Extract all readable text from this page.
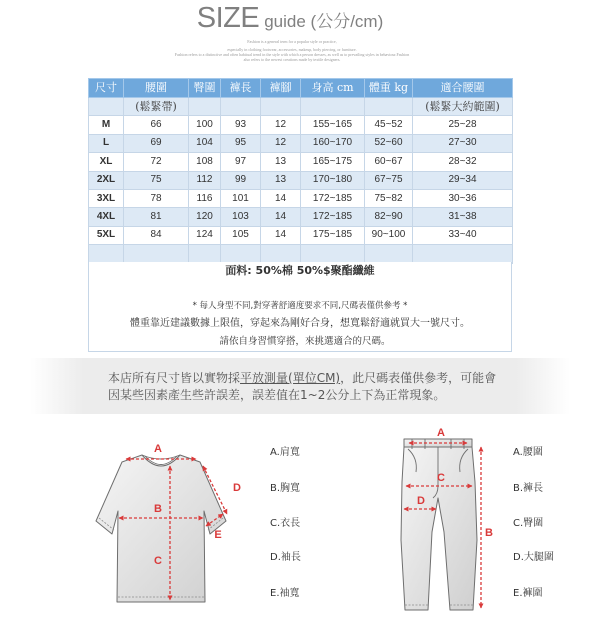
SIZE guide (公分/cm)
Fashion is a general term for a popular style or practice,
especially in clothing footwear, accessories, makeup, body piercing, or furniture.
Fashion refers to a distinctive and often habitual trend in the style with which a person dresses, as well as to prevailing styles in behaviour.Fashion
also refers to the newest creations made by textile designers.
尺寸	腰圍	臀圍	褲長	褲腳	身高 cm	體重 kg	適合腰圍
	(鬆緊帶)						(鬆緊大約範圍)
M	66	100	93	12	155~165	45~52	25~28
L	69	104	95	12	160~170	52~60	27~30
XL	72	108	97	13	165~175	60~67	28~32
2XL	75	112	99	13	170~180	67~75	29~34
3XL	78	116	101	14	172~185	75~82	30~36
4XL	81	120	103	14	172~185	82~90	31~38
5XL	84	124	105	14	175~185	90~100	33~40

面料: 50%棉 50%$聚酯纖維
* 每人身型不同,對穿著舒適度要求不同,尺碼表僅供參考 *
體重靠近建議數據上限值，穿起來為剛好合身，想寬鬆舒適就買大一號尺寸。
請依自身習慣穿搭，來挑選適合的尺碼。
本店所有尺寸皆以實物採平放測量(單位CM)，此尺碼表僅供參考，可能會
因某些因素產生些許誤差，誤差值在1~2公分上下為正常現象。
A
B
C
D
E
A
B
C
D
A.肩寬
B.胸寬
C.衣長
D.袖長
E.袖寬
A.腰圍
B.褲長
C.臀圍
D.大腿圍
E.褲圍
